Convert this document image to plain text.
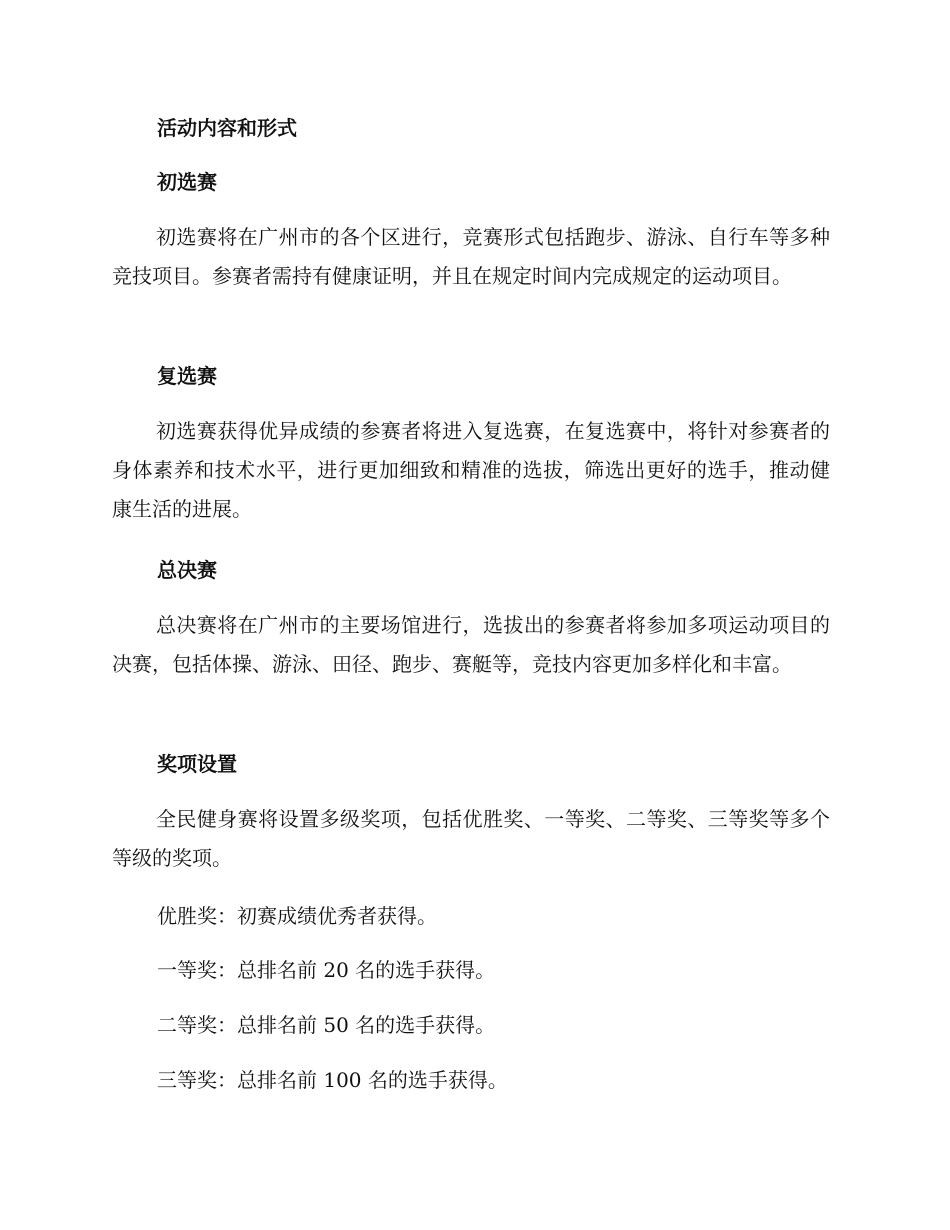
活动内容和形式
初选赛

初选赛将在广州市的各个区进行，竞赛形式包括跑步、游泳、自行车等多种竞技项目。参赛者需持有健康证明，并且在规定时间内完成规定的运动项目。

复选赛

初选赛获得优异成绩的参赛者将进入复选赛，在复选赛中，将针对参赛者的身体素养和技术水平，进行更加细致和精准的选拔，筛选出更好的选手，推动健康生活的进展。

总决赛

总决赛将在广州市的主要场馆进行，选拔出的参赛者将参加多项运动项目的决赛，包括体操、游泳、田径、跑步、赛艇等，竞技内容更加多样化和丰富。

奖项设置

全民健身赛将设置多级奖项，包括优胜奖、一等奖、二等奖、三等奖等多个等级的奖项。

优胜奖：初赛成绩优秀者获得。

一等奖：总排名前 20 名的选手获得。

二等奖：总排名前 50 名的选手获得。

三等奖：总排名前 100 名的选手获得。
